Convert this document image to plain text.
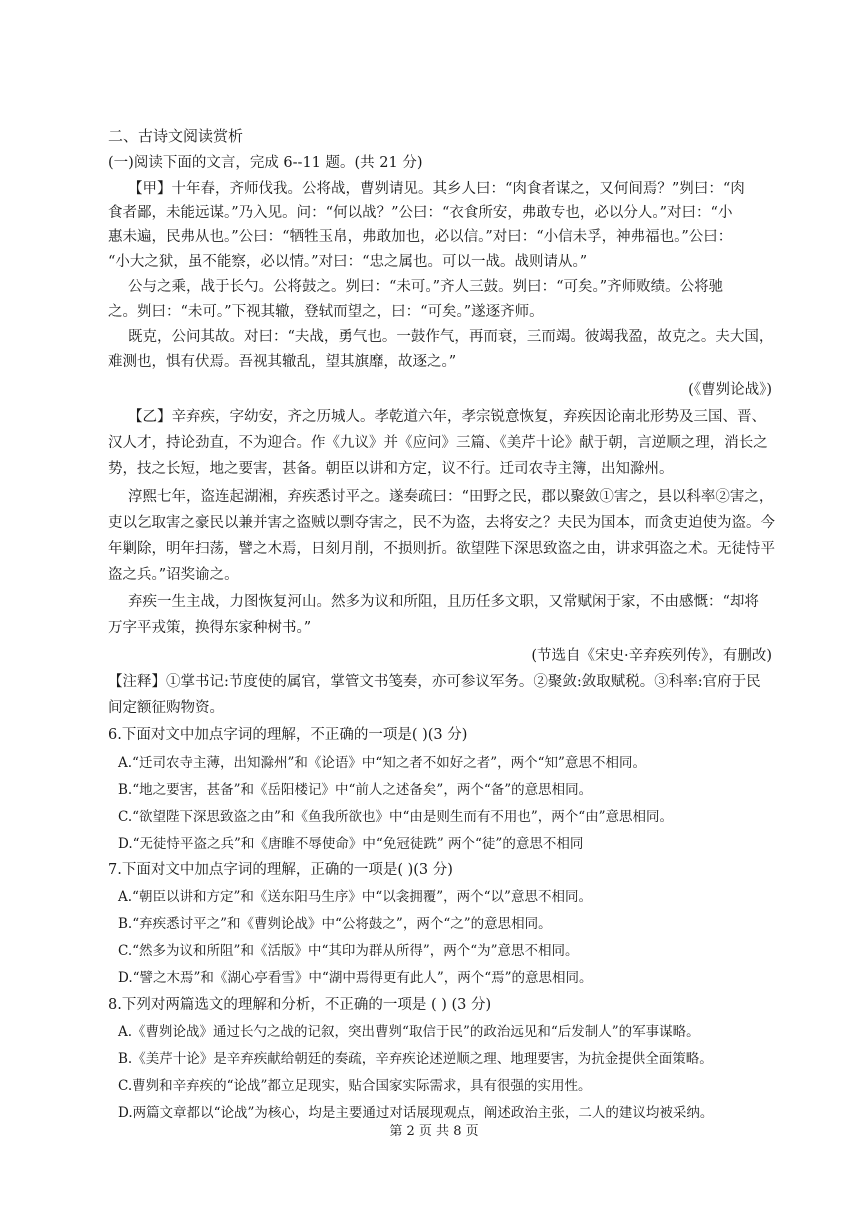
二、古诗文阅读赏析
(一)阅读下面的文言，完成 6--11 题。(共 21 分)
【甲】十年春，齐师伐我。公将战，曹刿请见。其乡人曰：“肉食者谋之，又何间焉？”刿曰：“肉
食者鄙，未能远谋。”乃入见。问：“何以战？”公曰：“衣食所安，弗敢专也，必以分人。”对曰：“小
惠未遍，民弗从也。”公曰：“牺牲玉帛，弗敢加也，必以信。”对曰：“小信未孚，神弗福也。”公曰：
“小大之狱，虽不能察，必以情。”对曰：“忠之属也。可以一战。战则请从。”
公与之乘，战于长勺。公将鼓之。刿曰：“未可。”齐人三鼓。刿曰：“可矣。”齐师败绩。公将驰
之。刿曰：“未可。”下视其辙，登轼而望之，曰：“可矣。”遂逐齐师。
既克，公问其故。对曰：“夫战，勇气也。一鼓作气，再而衰，三而竭。彼竭我盈，故克之。夫大国，
难测也，惧有伏焉。吾视其辙乱，望其旗靡，故逐之。”
(《曹刿论战》)
【乙】辛弃疾，字幼安，齐之历城人。孝乾道六年，孝宗锐意恢复，弃疾因论南北形势及三国、晋、
汉人才，持论劲直，不为迎合。作《九议》并《应问》三篇、《美芹十论》献于朝，言逆顺之理，消长之
势，技之长短，地之要害，甚备。朝臣以讲和方定，议不行。迁司农寺主簿，出知滁州。
淳熙七年，盗连起湖湘，弃疾悉讨平之。遂奏疏曰：“田野之民，郡以聚敛①害之，县以科率②害之，
吏以乞取害之豪民以兼并害之盗贼以剽夺害之，民不为盗，去将安之？夫民为国本，而贪吏迫使为盗。今
年剿除，明年扫荡，譬之木焉，日刻月削，不损则折。欲望陛下深思致盗之由，讲求弭盗之术。无徒恃平
盗之兵。”诏奖谕之。
弃疾一生主战，力图恢复河山。然多为议和所阻，且历任多文职，又常赋闲于家，不由感慨：“却将
万字平戎策，换得东家种树书。”
(节选自《宋史·辛弃疾列传》，有删改)
【注释】①掌书记:节度使的属官，掌管文书笺奏，亦可参议军务。②聚敛:敛取赋税。③科率:官府于民
间定额征购物资。
6.下面对文中加点字词的理解，不正确的一项是( )(3 分)
A.“迁司农寺主薄，出知滁州”和《论语》中“知之者不如好之者”，两个“知”意思不相同。
B.“地之要害，甚备”和《岳阳楼记》中“前人之述备矣”，两个“备”的意思相同。
C.“欲望陛下深思致盗之由”和《鱼我所欲也》中“由是则生而有不用也”，两个“由”意思相同。
D.“无徒恃平盗之兵”和《唐睢不辱使命》中“免冠徒跣” 两个“徒”的意思不相同
7.下面对文中加点字词的理解，正确的一项是( )(3 分)
A.“朝臣以讲和方定”和《送东阳马生序》中“以衾拥覆”，两个“以”意思不相同。
B.“弃疾悉讨平之”和《曹刿论战》中“公将鼓之”，两个“之”的意思相同。
C.“然多为议和所阻”和《活版》中“其印为群从所得”，两个“为”意思不相同。
D.“譬之木焉”和《湖心亭看雪》中“湖中焉得更有此人”，两个“焉”的意思相同。
8.下列对两篇选文的理解和分析，不正确的一项是 ( ) (3 分)
A.《曹刿论战》通过长勺之战的记叙，突出曹刿“取信于民”的政治远见和“后发制人”的军事谋略。
B.《美芹十论》是辛弃疾献给朝廷的奏疏，辛弃疾论述逆顺之理、地理要害，为抗金提供全面策略。
C.曹刿和辛弃疾的“论战”都立足现实，贴合国家实际需求，具有很强的实用性。
D.两篇文章都以“论战”为核心，均是主要通过对话展现观点，阐述政治主张，二人的建议均被采纳。
第 2 页 共 8 页
